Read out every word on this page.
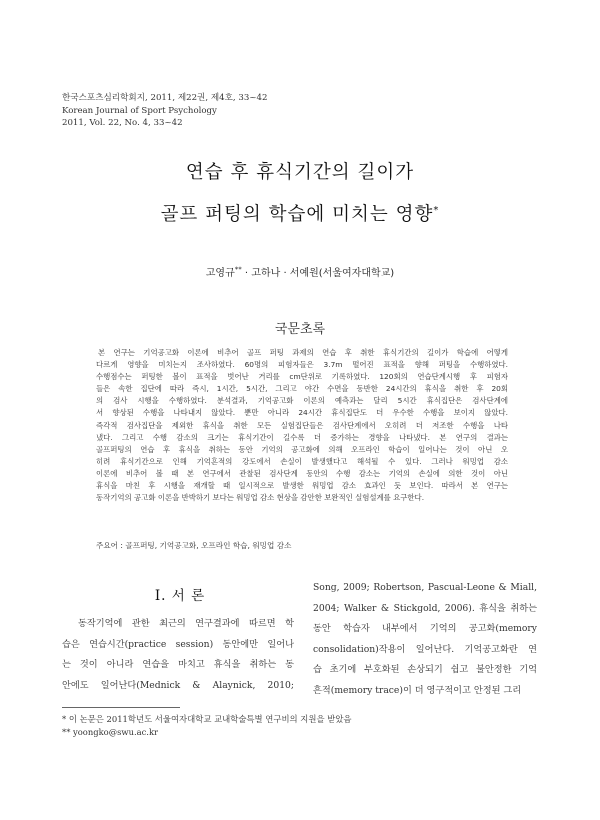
한국스포츠심리학회지, 2011, 제22권, 제4호, 33~42
Korean Journal of Sport Psychology
2011, Vol. 22, No. 4, 33~42
연습 후 휴식기간의 길이가
골프 퍼팅의 학습에 미치는 영향*
고영규** · 고하나 · 서예원(서울여자대학교)
국문초록
본 연구는 기억공고화 이론에 비추어 골프 퍼팅 과제의 연습 후 취한 휴식기간의 길이가 학습에 어떻게
다르게 영향을 미치는지 조사하였다. 60명의 피험자들은 3.7m 떨어진 표적을 향해 퍼팅을 수행하였다.
수행점수는 퍼팅한 볼이 표적을 벗어난 거리를 cm단위로 기록하였다. 120회의 연습단계시행 후 피험자
들은 속한 집단에 따라 즉시, 1시간, 5시간, 그리고 야간 수면을 동반한 24시간의 휴식을 취한 후 20회
의 검사 시행을 수행하였다. 분석결과, 기억공고화 이론의 예측과는 달리 5시간 휴식집단은 검사단계에
서 향상된 수행을 나타내지 않았다. 뿐만 아니라 24시간 휴식집단도 더 우수한 수행을 보이지 않았다.
즉각적 검사집단을 제외한 휴식을 취한 모든 실험집단들은 검사단계에서 오히려 더 저조한 수행을 나타
냈다. 그리고 수행 감소의 크기는 휴식기간이 길수록 더 증가하는 경향을 나타냈다. 본 연구의 결과는
골프퍼팅의 연습 후 휴식을 취하는 동안 기억의 공고화에 의해 오프라인 학습이 일어나는 것이 아닌 오
히려 휴식기간으로 인해 기억흔적의 강도에서 손실이 발생했다고 해석될 수 있다. 그러나 워밍업 감소
이론에 비추어 볼 때 본 연구에서 관찰된 검사단계 동안의 수행 감소는 기억의 손실에 의한 것이 아닌
휴식을 마친 후 시행을 재개할 때 일시적으로 발생한 워밍업 감소 효과인 듯 보인다. 따라서 본 연구는
동작기억의 공고화 이론을 반박하기 보다는 워밍업 감소 현상을 감안한 보완적인 실험설계를 요구한다.
주요어 : 골프퍼팅, 기억공고화, 오프라인 학습, 워밍업 감소
I. 서 론
동작기억에 관한 최근의 연구결과에 따르면 학
습은 연습시간(practice session) 동안에만 일어나
는 것이 아니라 연습을 마치고 휴식을 취하는 동
안에도 일어난다(Mednick & Alaynick, 2010;
Song, 2009; Robertson, Pascual-Leone & Miall,
2004; Walker & Stickgold, 2006). 휴식을 취하는
동안 학습자 내부에서 기억의 공고화(memory
consolidation)작용이 일어난다. 기억공고화란 연
습 초기에 부호화된 손상되기 쉽고 불안정한 기억
흔적(memory trace)이 더 영구적이고 안정된 그리
* 이 논문은 2011학년도 서울여자대학교 교내학술특별 연구비의 지원을 받았음
** yoongko@swu.ac.kr
